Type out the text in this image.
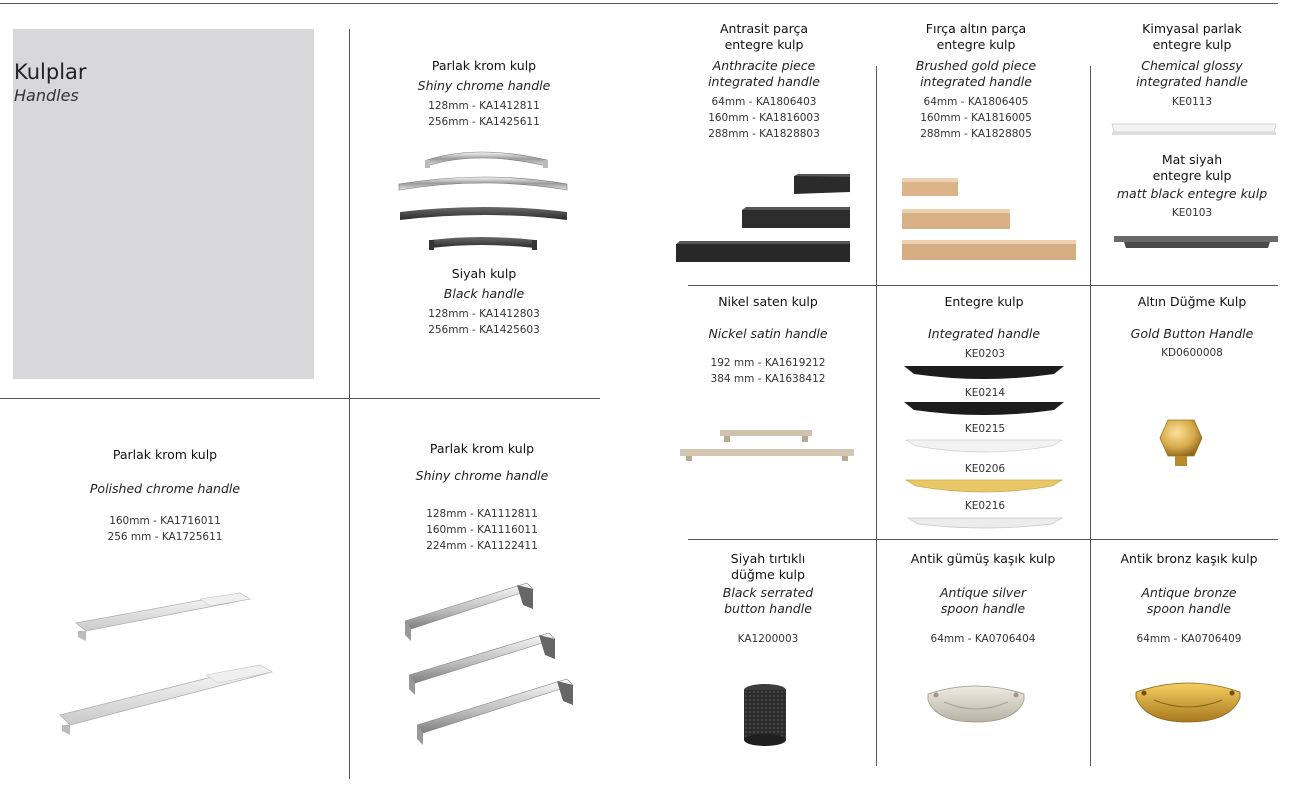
Kulplar
Handles
Parlak krom kulp
Shiny chrome handle
128mm - KA1412811
256mm - KA1425611
Siyah kulp
Black handle
128mm - KA1412803
256mm - KA1425603
Parlak krom kulp
Polished chrome handle
160mm - KA1716011
256 mm - KA1725611
Parlak krom kulp
Shiny chrome handle
128mm - KA1112811
160mm - KA1116011
224mm - KA1122411
Antrasit parça
entegre kulp
Anthracite piece
integrated handle
64mm - KA1806403
160mm - KA1816003
288mm - KA1828803
Fırça altın parça
entegre kulp
Brushed gold piece
integrated handle
64mm - KA1806405
160mm - KA1816005
288mm - KA1828805
Kimyasal parlak
entegre kulp
Chemical glossy
integrated handle
KE0113
Mat siyah
entegre kulp
matt black entegre kulp
KE0103
Nikel saten kulp
Nickel satin handle
192 mm - KA1619212
384 mm - KA1638412
Entegre kulp
Integrated handle
KE0203
KE0214
KE0215
KE0206
KE0216
Altın Düğme Kulp
Gold Button Handle
KD0600008
Siyah tırtıklı
düğme kulp
Black serrated
button handle
KA1200003
Antik gümüş kaşık kulp
Antique silver
spoon handle
64mm - KA0706404
Antik bronz kaşık kulp
Antique bronze
spoon handle
64mm - KA0706409
